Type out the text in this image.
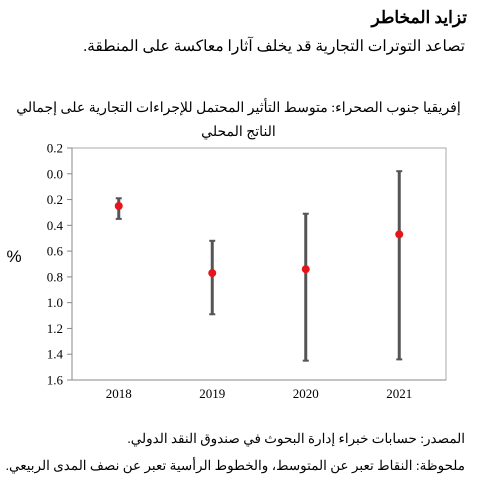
تزايد المخاطر
تصاعد التوترات التجارية قد يخلف آثارا معاكسة على المنطقة.
إفريقيا جنوب الصحراء: متوسط التأثير المحتمل للإجراءات التجارية على إجمالي
الناتج المحلي
0.2
0.0
0.2
0.4
0.6
0.8
1.0
1.2
1.4
1.6
2018	2019	2020	2021
%
المصدر: حسابات خبراء إدارة البحوث في صندوق النقد الدولي.
ملحوظة: النقاط تعبر عن المتوسط، والخطوط الرأسية تعبر عن نصف المدى الربيعي.
